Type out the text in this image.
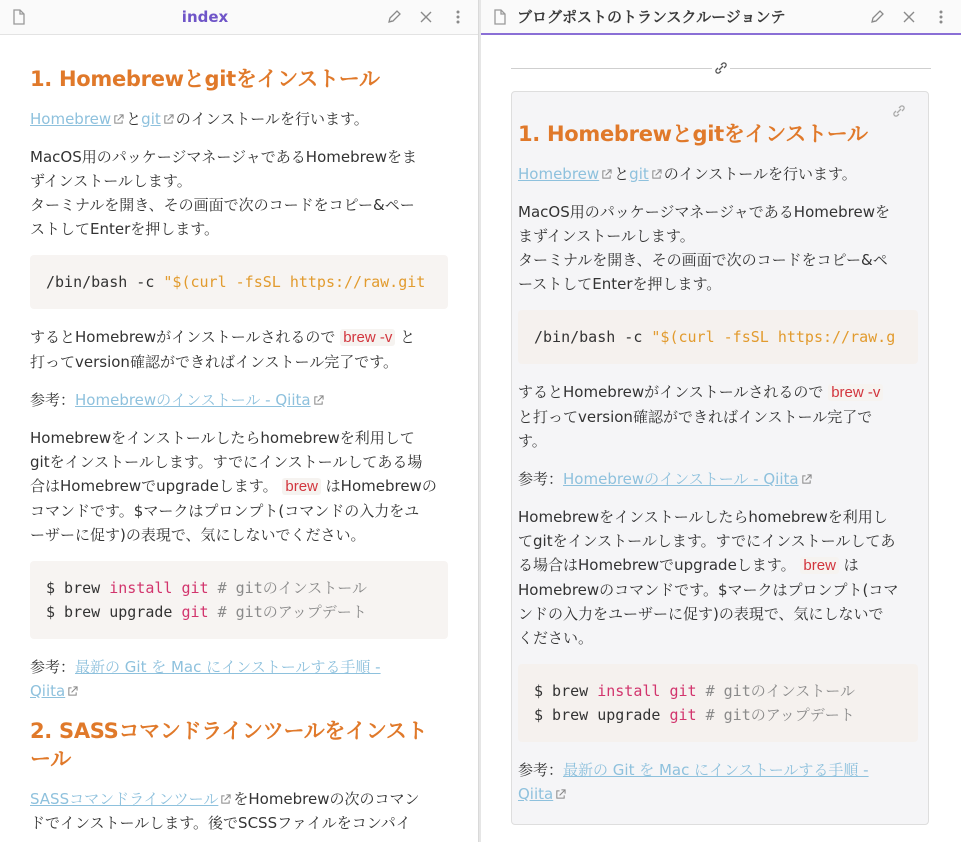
index
1. Homebrewとgitをインストール

Homebrew とgit のインストールを行います。

MacOS用のパッケージマネージャであるHomebrewをま
ずインストールします。
ターミナルを開き、その画面で次のコードをコピー&ペー
ストしてEnterを押します。

/bin/bash -c "$(curl -fsSL https://raw.git

するとHomebrewがインストールされるので brew -v と
打ってversion確認ができればインストール完了です。

参考：Homebrewのインストール - Qiita

Homebrewをインストールしたらhomebrewを利用して
gitをインストールします。すでにインストールしてある場
合はHomebrewでupgradeします。 brew はHomebrewの
コマンドです。$マークはプロンプト(コマンドの入力をユ
ーザーに促す)の表現で、気にしないでください。

$ brew install git # gitのインストール
$ brew upgrade git # gitのアップデート

参考：最新の Git を Mac にインストールする手順 -
Qiita

2. SASSコマンドラインツールをインスト
ール

SASSコマンドラインツール をHomebrewの次のコマン
ドでインストールします。後でSCSSファイルをコンパイ

ブログポストのトランスクルージョンテ
1. Homebrewとgitをインストール

Homebrew とgit のインストールを行います。

MacOS用のパッケージマネージャであるHomebrewを
まずインストールします。
ターミナルを開き、その画面で次のコードをコピー&ペ
ーストしてEnterを押します。

/bin/bash -c "$(curl -fsSL https://raw.g

するとHomebrewがインストールされるので brew -v
と打ってversion確認ができればインストール完了で
す。

参考：Homebrewのインストール - Qiita

Homebrewをインストールしたらhomebrewを利用し
てgitをインストールします。すでにインストールしてあ
る場合はHomebrewでupgradeします。 brew は
Homebrewのコマンドです。$マークはプロンプト(コマ
ンドの入力をユーザーに促す)の表現で、気にしないで
ください。

$ brew install git # gitのインストール
$ brew upgrade git # gitのアップデート

参考：最新の Git を Mac にインストールする手順 -
Qiita
